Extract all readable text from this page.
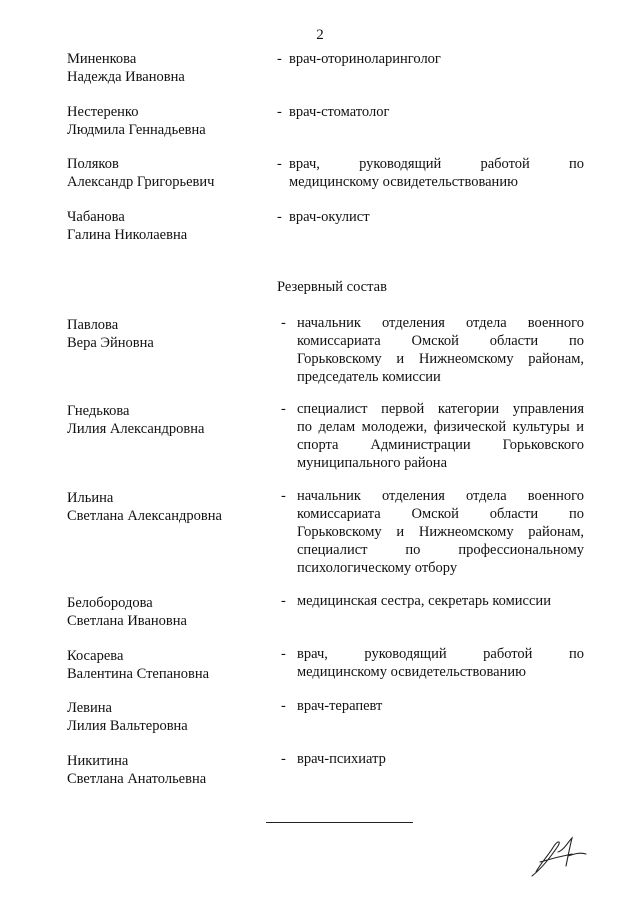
2
Миненкова
Надежда Ивановна
- врач-оториноларинголог
Нестеренко
Людмила Геннадьевна
- врач-стоматолог
Поляков
Александр Григорьевич
- врач, руководящий работой по
медицинскому освидетельствованию
Чабанова
Галина Николаевна
- врач-окулист
Резервный состав
Павлова
Вера Эйновна
- начальник отделения отдела военного
комиссариата Омской области по
Горьковскому и Нижнеомскому районам,
председатель комиссии
Гнедькова
Лилия Александровна
- специалист первой категории управления
по делам молодежи, физической культуры и
спорта Администрации Горьковского
муниципального района
Ильина
Светлана Александровна
- начальник отделения отдела военного
комиссариата Омской области по
Горьковскому и Нижнеомскому районам,
специалист по профессиональному
психологическому отбору
Белобородова
Светлана Ивановна
- медицинская сестра, секретарь комиссии
Косарева
Валентина Степановна
- врач, руководящий работой по
медицинскому освидетельствованию
Левина
Лилия Вальтеровна
- врач-терапевт
Никитина
Светлана Анатольевна
- врач-психиатр
